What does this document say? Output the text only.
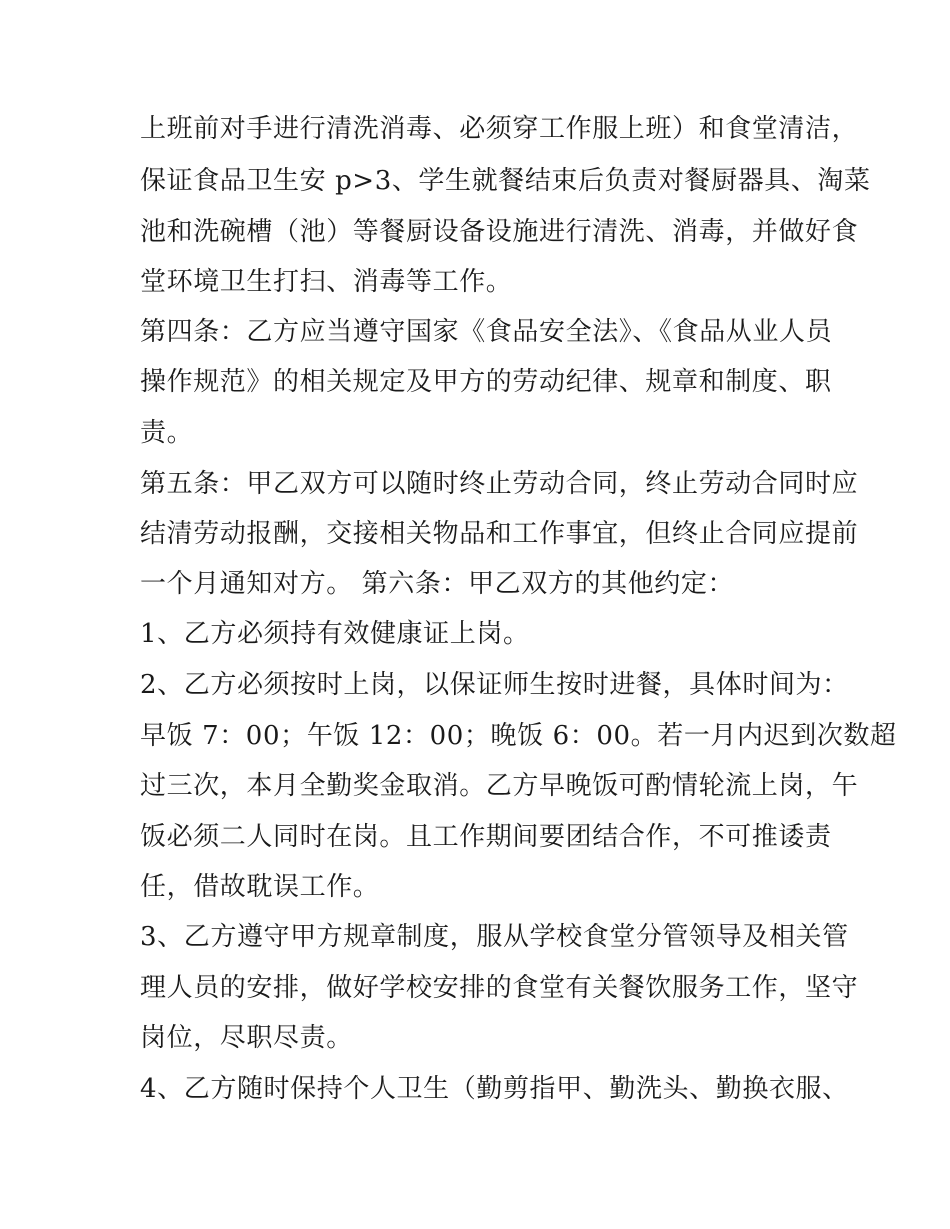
上班前对手进行清洗消毒、必须穿工作服上班）和食堂清洁，
保证食品卫生安 p>3、学生就餐结束后负责对餐厨器具、淘菜
池和洗碗槽（池）等餐厨设备设施进行清洗、消毒，并做好食
堂环境卫生打扫、消毒等工作。
第四条：乙方应当遵守国家《食品安全法》、《食品从业人员
操作规范》的相关规定及甲方的劳动纪律、规章和制度、职
责。
第五条：甲乙双方可以随时终止劳动合同，终止劳动合同时应
结清劳动报酬，交接相关物品和工作事宜，但终止合同应提前
一个月通知对方。 第六条：甲乙双方的其他约定：
1、乙方必须持有效健康证上岗。
2、乙方必须按时上岗，以保证师生按时进餐，具体时间为：
早饭 7：00；午饭 12：00；晚饭 6：00。若一月内迟到次数超
过三次，本月全勤奖金取消。乙方早晚饭可酌情轮流上岗，午
饭必须二人同时在岗。且工作期间要团结合作，不可推诿责
任，借故耽误工作。
3、乙方遵守甲方规章制度，服从学校食堂分管领导及相关管
理人员的安排，做好学校安排的食堂有关餐饮服务工作，坚守
岗位，尽职尽责。
4、乙方随时保持个人卫生（勤剪指甲、勤洗头、勤换衣服、
